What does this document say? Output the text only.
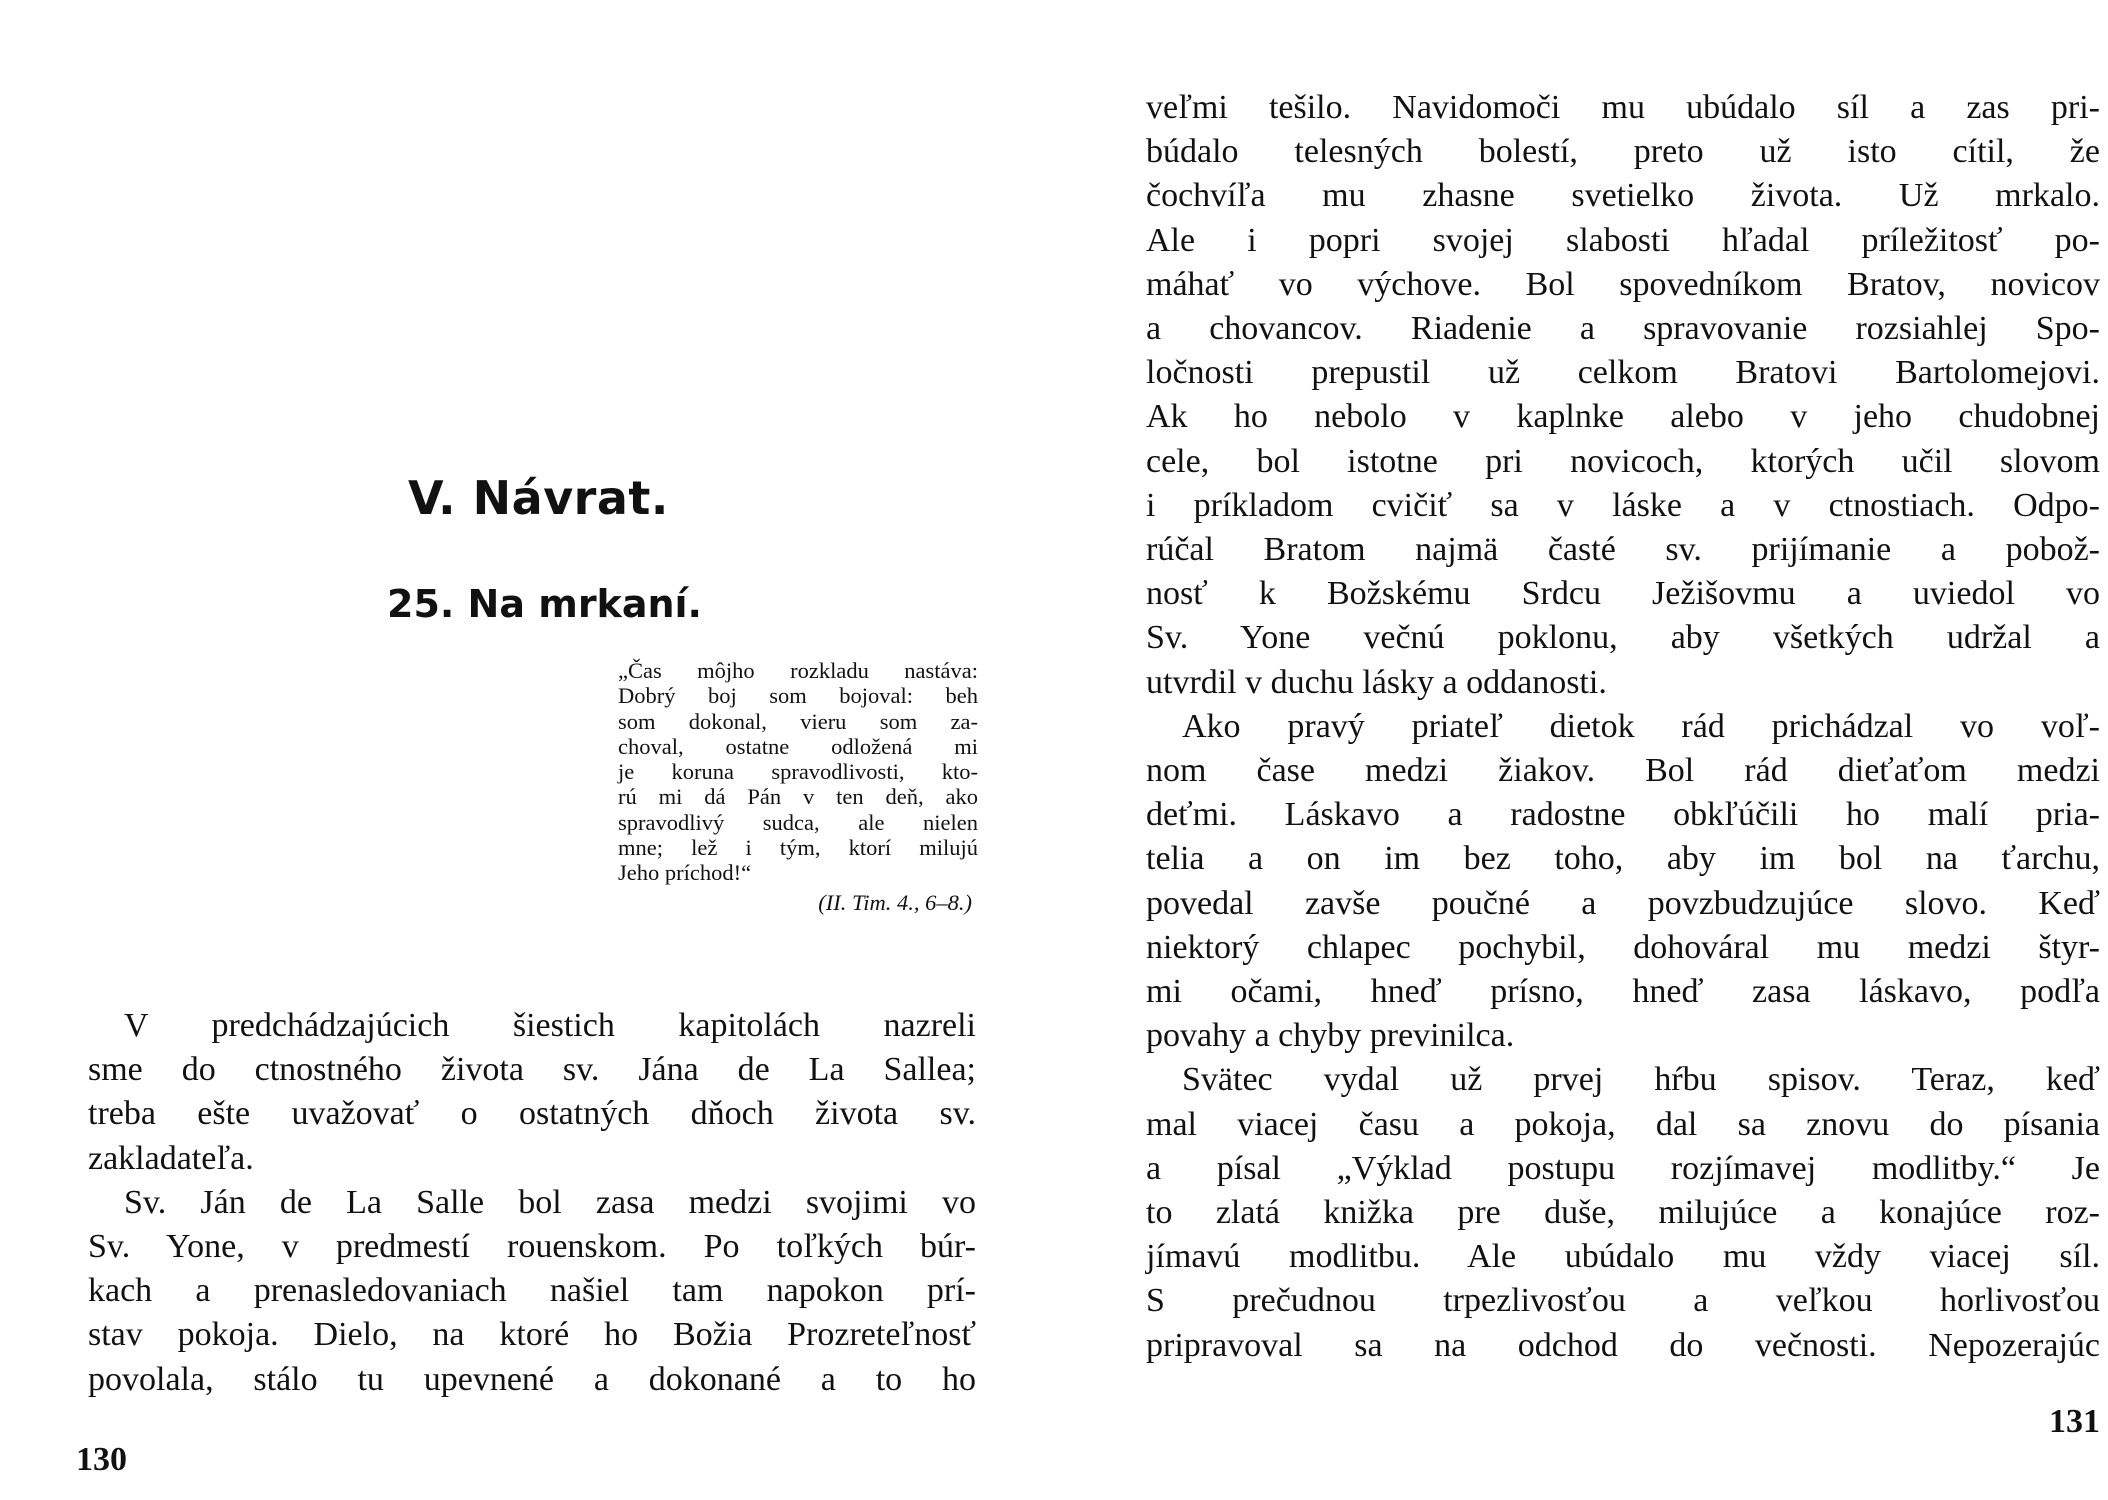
V. Návrat.
25. Na mrkaní.
„Čas môjho rozkladu nastáva:
Dobrý boj som bojoval: beh
som dokonal, vieru som za-
choval, ostatne odložená mi
je koruna spravodlivosti, kto-
rú mi dá Pán v ten deň, ako
spravodlivý sudca, ale nielen
mne; lež i tým, ktorí milujú
Jeho príchod!“
(II. Tim. 4., 6–8.)
V predchádzajúcich šiestich kapitolách nazreli
sme do ctnostného života sv. Jána de La Sallea;
treba ešte uvažovať o ostatných dňoch života sv.
zakladateľa.
Sv. Ján de La Salle bol zasa medzi svojimi vo
Sv. Yone, v predmestí rouenskom. Po toľkých búr-
kach a prenasledovaniach našiel tam napokon prí-
stav pokoja. Dielo, na ktoré ho Božia Prozreteľnosť
povolala, stálo tu upevnené a dokonané a to ho
130
veľmi tešilo. Navidomoči mu ubúdalo síl a zas pri-
búdalo telesných bolestí, preto už isto cítil, že
čochvíľa mu zhasne svetielko života. Už mrkalo.
Ale i popri svojej slabosti hľadal príležitosť po-
máhať vo výchove. Bol spovedníkom Bratov, novicov
a chovancov. Riadenie a spravovanie rozsiahlej Spo-
ločnosti prepustil už celkom Bratovi Bartolomejovi.
Ak ho nebolo v kaplnke alebo v jeho chudobnej
cele, bol istotne pri novicoch, ktorých učil slovom
i príkladom cvičiť sa v láske a v ctnostiach. Odpo-
rúčal Bratom najmä časté sv. prijímanie a pobož-
nosť k Božskému Srdcu Ježišovmu a uviedol vo
Sv. Yone večnú poklonu, aby všetkých udržal a
utvrdil v duchu lásky a oddanosti.
Ako pravý priateľ dietok rád prichádzal vo voľ-
nom čase medzi žiakov. Bol rád dieťaťom medzi
deťmi. Láskavo a radostne obkľúčili ho malí pria-
telia a on im bez toho, aby im bol na ťarchu,
povedal zavše poučné a povzbudzujúce slovo. Keď
niektorý chlapec pochybil, dohováral mu medzi štyr-
mi očami, hneď prísno, hneď zasa láskavo, podľa
povahy a chyby previnilca.
Svätec vydal už prvej hŕbu spisov. Teraz, keď
mal viacej času a pokoja, dal sa znovu do písania
a písal „Výklad postupu rozjímavej modlitby.“ Je
to zlatá knižka pre duše, milujúce a konajúce roz-
jímavú modlitbu. Ale ubúdalo mu vždy viacej síl.
S prečudnou trpezlivosťou a veľkou horlivosťou
pripravoval sa na odchod do večnosti. Nepozerajúc
131
